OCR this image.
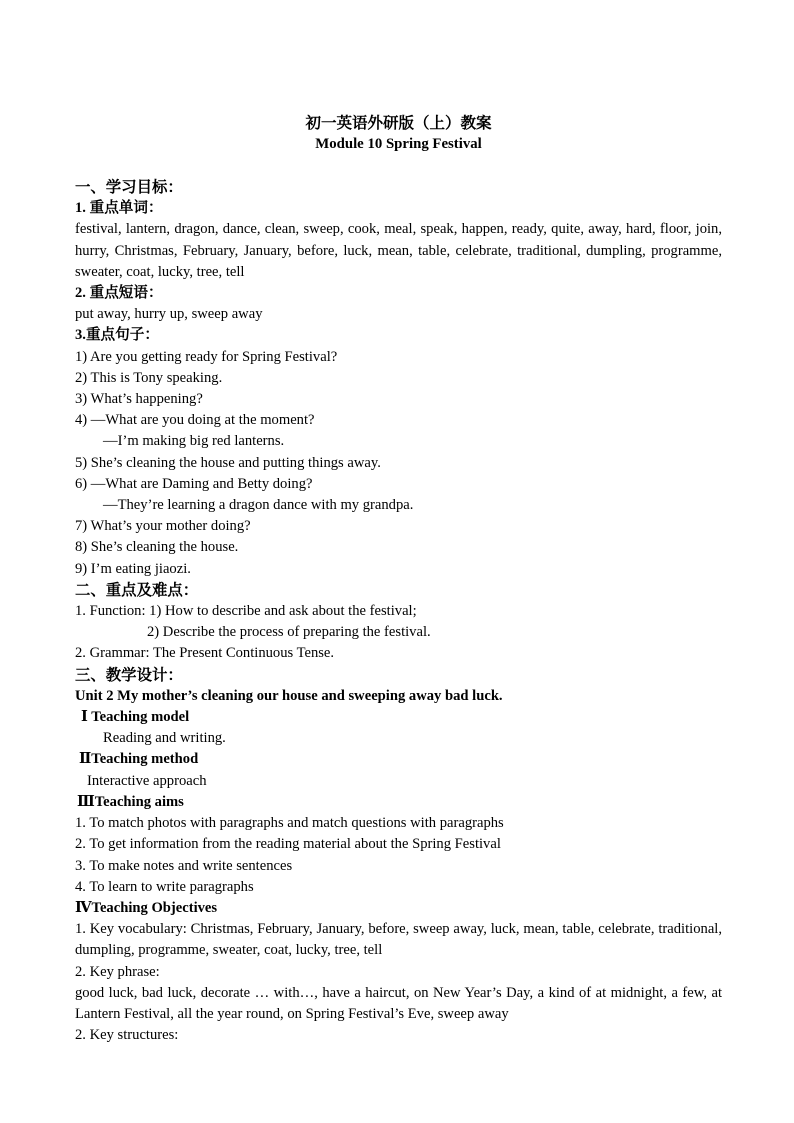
初一英语外研版（上）教案
Module 10 Spring Festival
一、学习目标：
1. 重点单词：
festival, lantern, dragon, dance, clean, sweep, cook, meal, speak, happen, ready, quite, away, hard, floor, join, hurry, Christmas, February, January, before, luck, mean, table, celebrate, traditional, dumpling, programme, sweater, coat, lucky, tree, tell
2. 重点短语：
put away, hurry up, sweep away
3.重点句子：
1) Are you getting ready for Spring Festival?
2) This is Tony speaking.
3) What’s happening?
4) —What are you doing at the moment?
—I’m making big red lanterns.
5) She’s cleaning the house and putting things away.
6) —What are Daming and Betty doing?
—They’re learning a dragon dance with my grandpa.
7) What’s your mother doing?
8) She’s cleaning the house.
9) I’m eating jiaozi.
二、重点及难点：
1. Function: 1) How to describe and ask about the festival;
2) Describe the process of preparing the festival.
2. Grammar: The Present Continuous Tense.
三、教学设计：
Unit 2 My mother’s cleaning our house and sweeping away bad luck.
Ⅰ Teaching model
Reading and writing.
ⅡTeaching method
Interactive approach
ⅢTeaching aims
1. To match photos with paragraphs and match questions with paragraphs
2. To get information from the reading material about the Spring Festival
3. To make notes and write sentences
4. To learn to write paragraphs
ⅣTeaching Objectives
1. Key vocabulary: Christmas, February, January, before, sweep away, luck, mean, table, celebrate, traditional, dumpling, programme, sweater, coat, lucky, tree, tell
2. Key phrase:
good luck, bad luck, decorate … with…, have a haircut, on New Year’s Day, a kind of at midnight, a few, at Lantern Festival, all the year round, on Spring Festival’s Eve, sweep away
2. Key structures:
